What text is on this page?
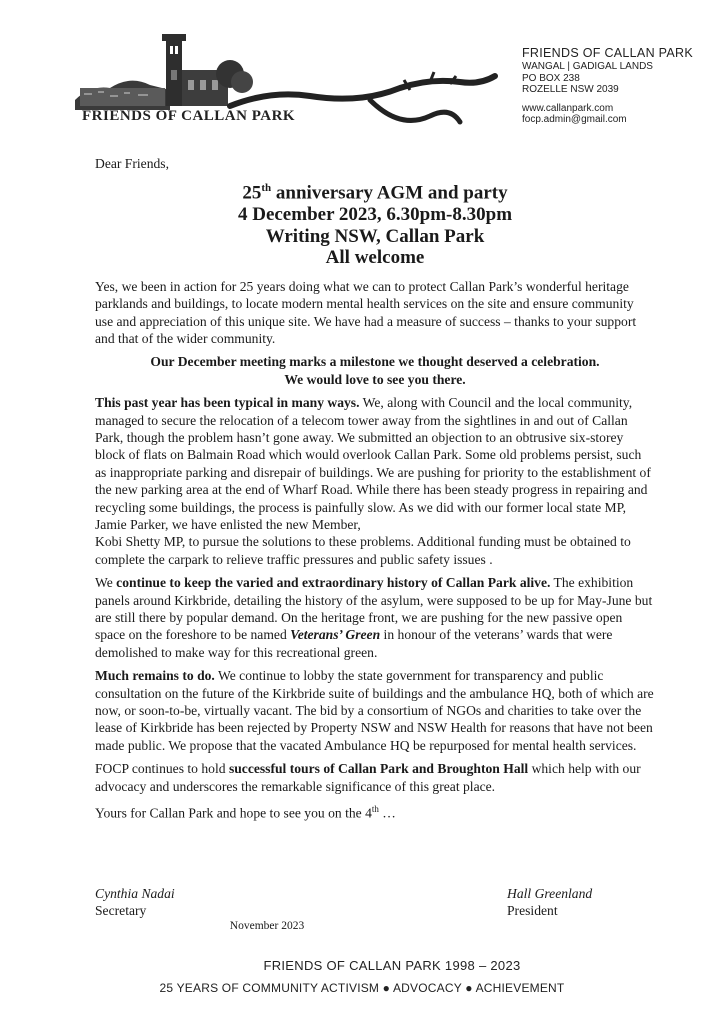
FRIENDS OF CALLAN PARK
FRIENDS OF CALLAN PARK
WANGAL | GADIGAL LANDS
PO BOX 238
ROZELLE NSW 2039
www.callanpark.com
focp.admin@gmail.com
Dear Friends,
25th anniversary AGM and party
4 December 2023, 6.30pm-8.30pm
Writing NSW, Callan Park
All welcome

Yes, we been in action for 25 years doing what we can to protect Callan Park’s wonderful heritage parklands and buildings, to locate modern mental health services on the site and ensure community use and appreciation of this unique site. We have had a measure of success – thanks to your support and that of the wider community.

Our December meeting marks a milestone we thought deserved a celebration.
We would love to see you there.

This past year has been typical in many ways. We, along with Council and the local community, managed to secure the relocation of a telecom tower away from the sightlines in and out of Callan Park, though the problem hasn’t gone away. We submitted an objection to an obtrusive six-storey block of flats on Balmain Road which would overlook Callan Park. Some old problems persist, such as inappropriate parking and disrepair of buildings. We are pushing for priority to the establishment of the new parking area at the end of Wharf Road. While there has been steady progress in repairing and recycling some buildings, the process is painfully slow. As we did with our former local state MP, Jamie Parker, we have enlisted the new Member,
Kobi Shetty MP, to pursue the solutions to these problems. Additional funding must be obtained to complete the carpark to relieve traffic pressures and public safety issues .

We continue to keep the varied and extraordinary history of Callan Park alive. The exhibition panels around Kirkbride, detailing the history of the asylum, were supposed to be up for May-June but are still there by popular demand. On the heritage front, we are pushing for the new passive open space on the foreshore to be named Veterans’ Green in honour of the veterans’ wards that were demolished to make way for this recreational green.

Much remains to do. We continue to lobby the state government for transparency and public consultation on the future of the Kirkbride suite of buildings and the ambulance HQ, both of which are now, or soon-to-be, virtually vacant. The bid by a consortium of NGOs and charities to take over the lease of Kirkbride has been rejected by Property NSW and NSW Health for reasons that have not been made public. We propose that the vacated Ambulance HQ be repurposed for mental health services.

FOCP continues to hold successful tours of Callan Park and Broughton Hall which help with our advocacy and underscores the remarkable significance of this great place.

Yours for Callan Park and hope to see you on the 4th …

Cynthia Nadai
Secretary
Hall Greenland
President
November 2023
FRIENDS OF CALLAN PARK 1998 – 2023
25 YEARS OF COMMUNITY ACTIVISM ● ADVOCACY ● ACHIEVEMENT
